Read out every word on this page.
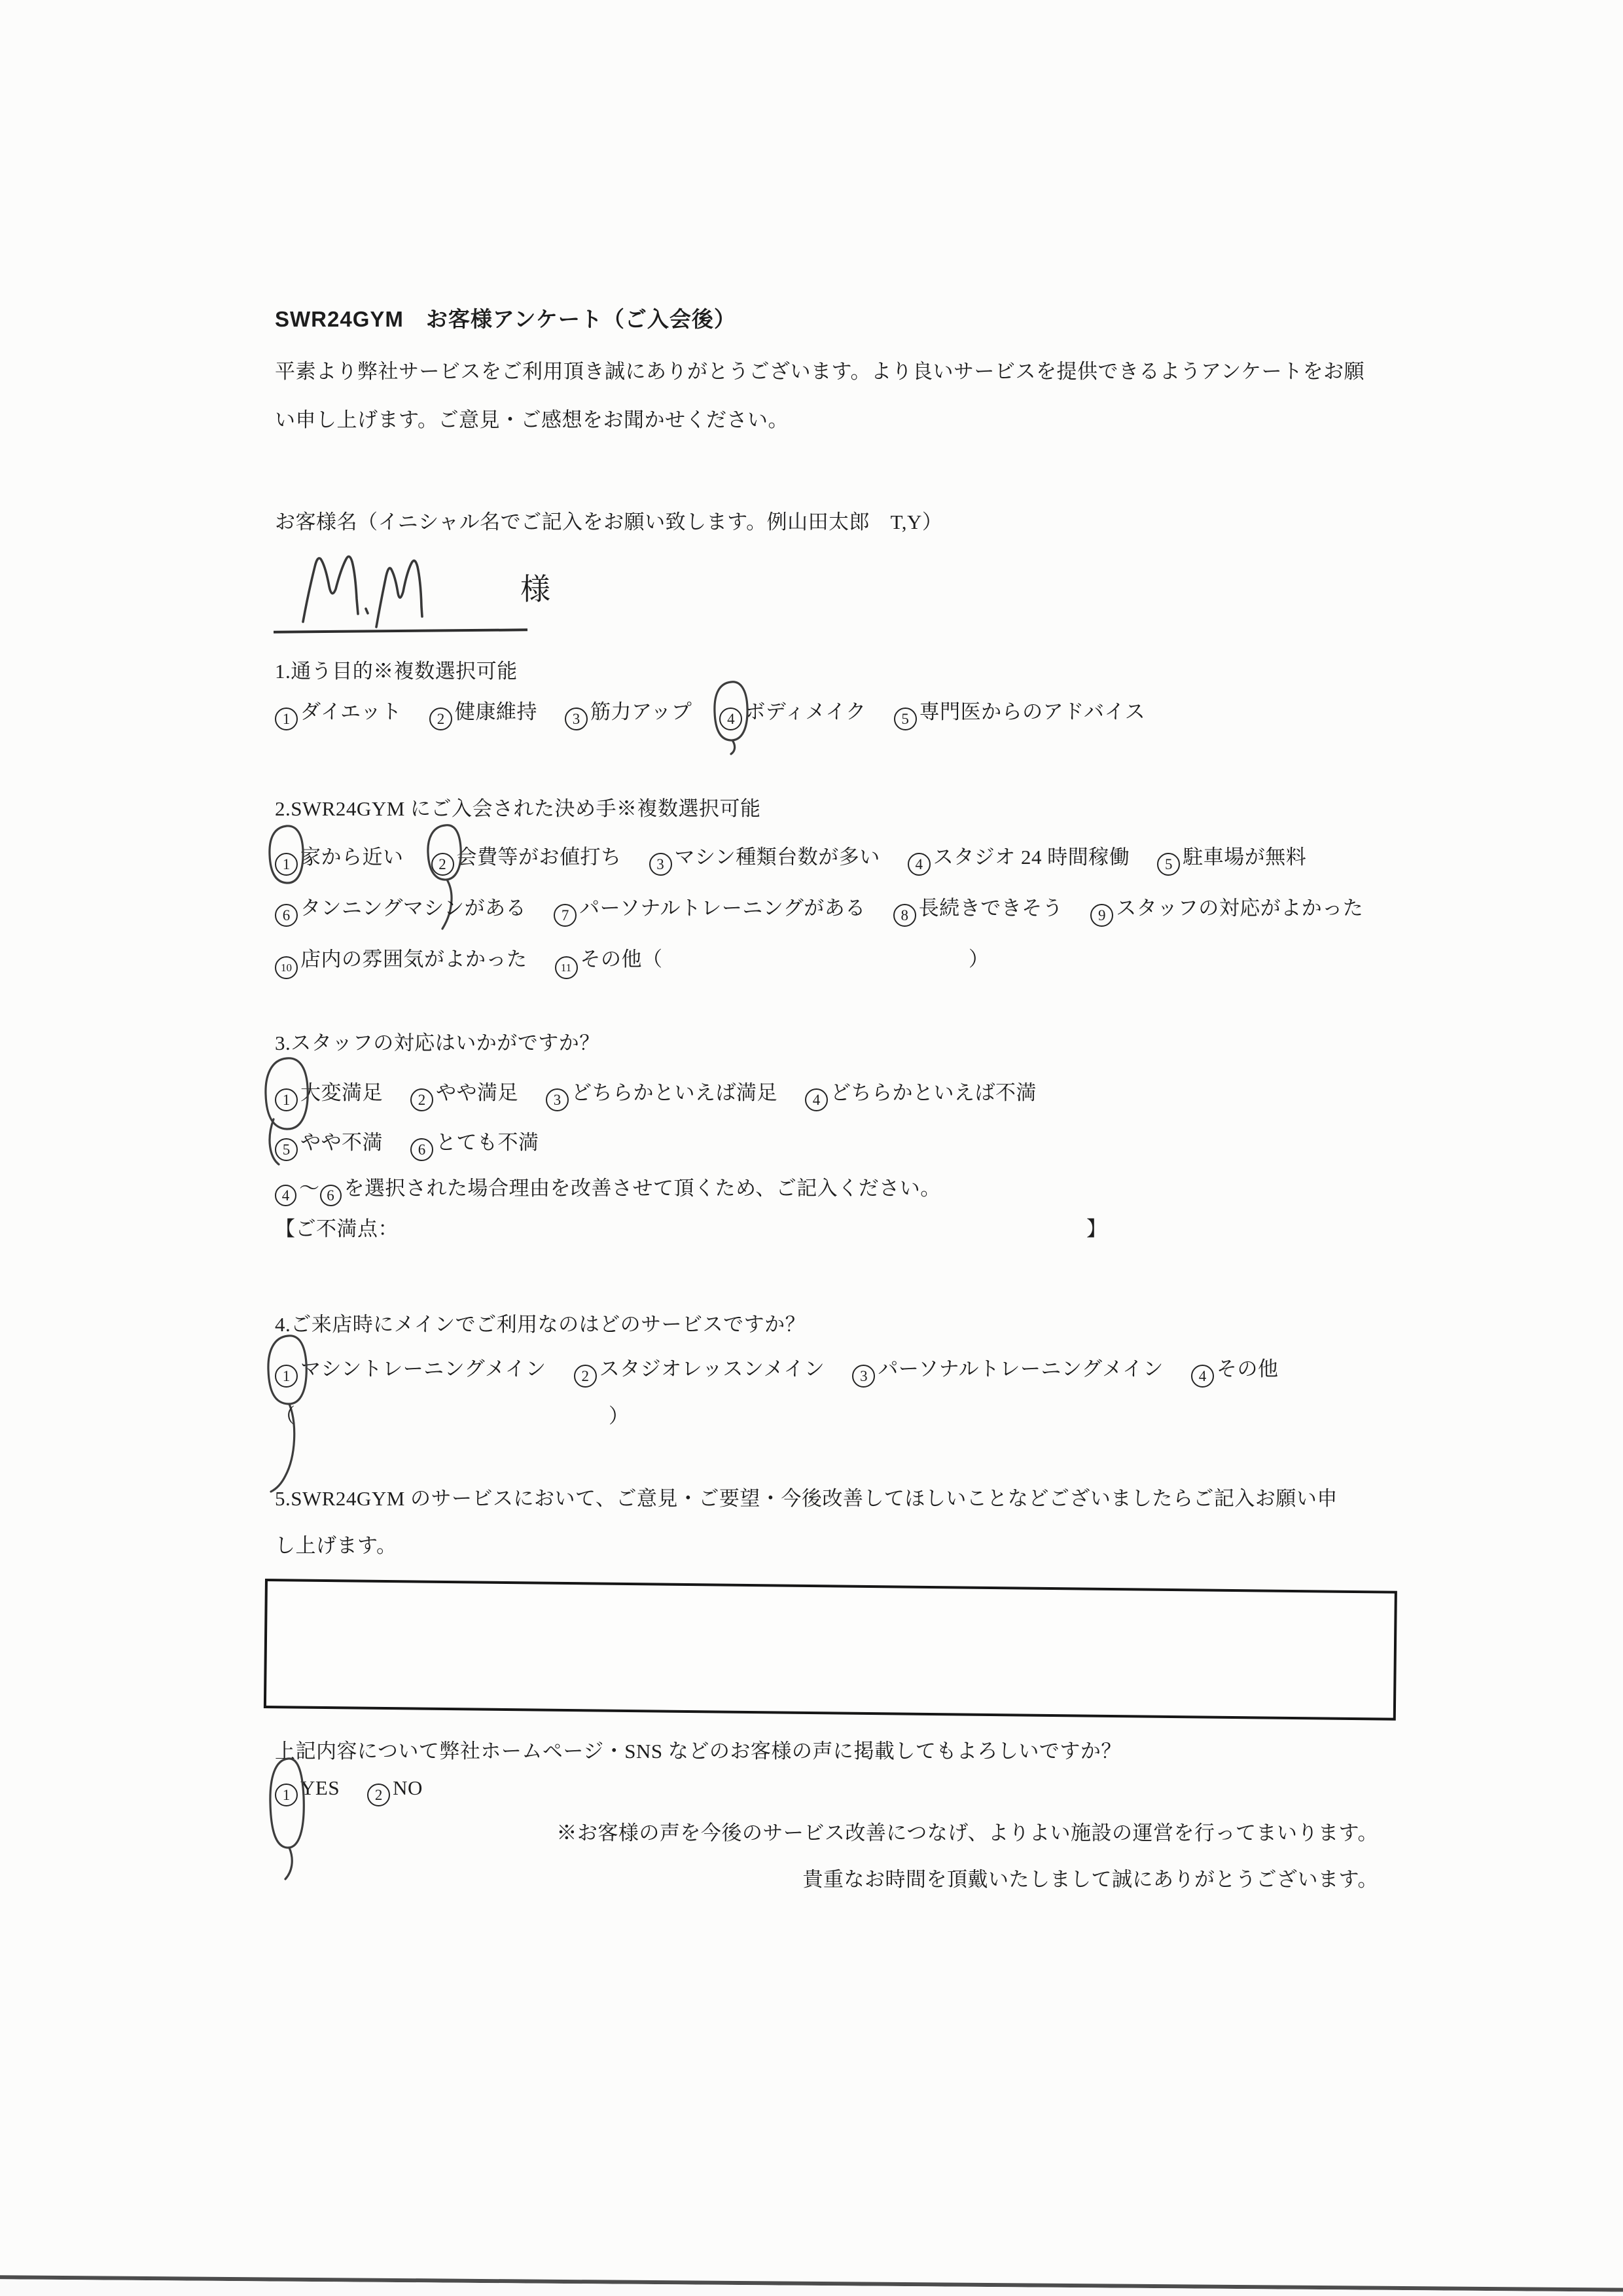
SWR24GYM　お客様アンケート（ご入会後）
平素より弊社サービスをご利用頂き誠にありがとうございます。より良いサービスを提供できるようアンケートをお願
い申し上げます。ご意見・ご感想をお聞かせください。
お客様名（イニシャル名でご記入をお願い致します。例山田太郎　T,Y）
様
1.通う目的※複数選択可能
1 ダイエット 2 健康維持 3 筋力アップ 4 ボディメイク 5 専門医からのアドバイス
2.SWR24GYM にご入会された決め手※複数選択可能
1 家から近い 2 会費等がお値打ち 3 マシン種類台数が多い 4 スタジオ 24 時間稼働 5 駐車場が無料
6 タンニングマシンがある 7 パーソナルトレーニングがある 8 長続きできそう 9 スタッフの対応がよかった
10 店内の雰囲気がよかった	11 その他（	）
3.スタッフの対応はいかがですか？
1 大変満足 2 やや満足 3 どちらかといえば満足 4 どちらかといえば不満
5 やや不満 6 とても不満
4 ～ 6 を選択された場合理由を改善させて頂くため、ご記入ください。
【ご不満点：	】
4.ご来店時にメインでご利用なのはどのサービスですか？
1 マシントレーニングメイン 2 スタジオレッスンメイン 3 パーソナルトレーニングメイン 4 その他
（	）
5.SWR24GYM のサービスにおいて、ご意見・ご要望・今後改善してほしいことなどございましたらご記入お願い申
し上げます。
上記内容について弊社ホームページ・SNS などのお客様の声に掲載してもよろしいですか？
1 YES 2 NO
※お客様の声を今後のサービス改善につなげ、よりよい施設の運営を行ってまいります。
貴重なお時間を頂戴いたしまして誠にありがとうございます。
